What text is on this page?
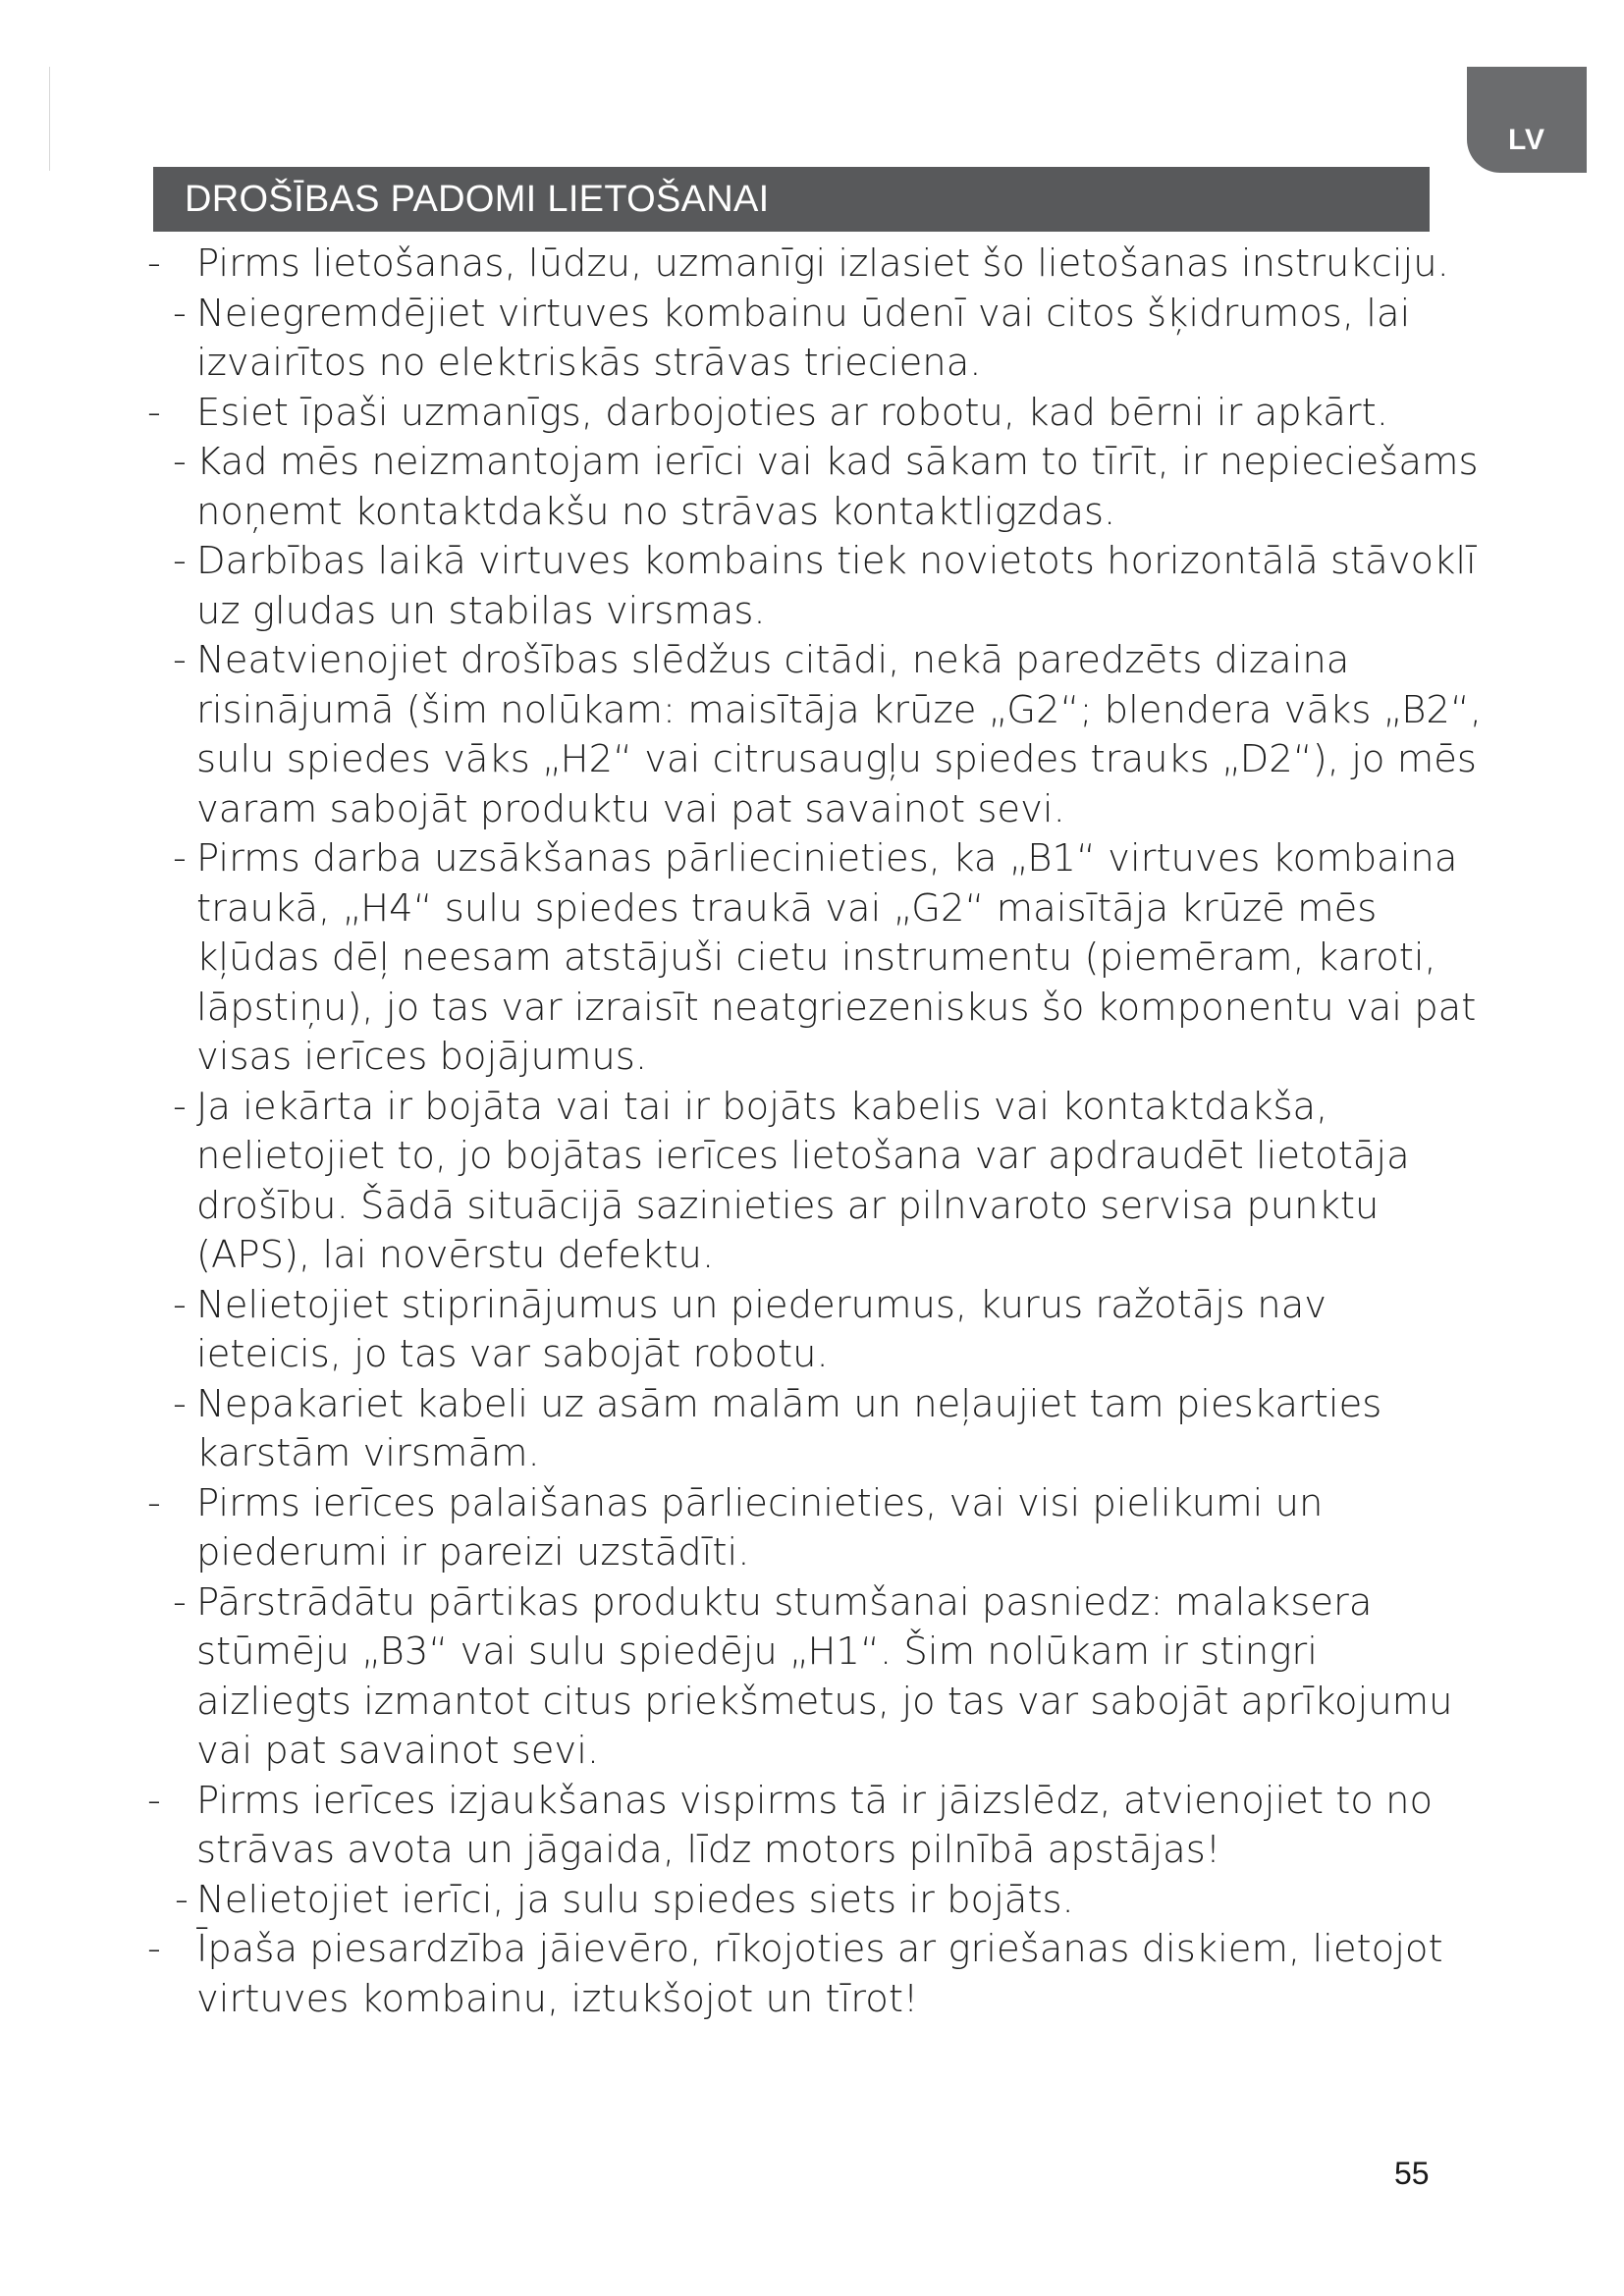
LV
DROŠĪBAS PADOMI LIETOŠANAI
- Pirms lietošanas, lūdzu, uzmanīgi izlasiet šo lietošanas instrukciju.
- Neiegremdējiet virtuves kombainu ūdenī vai citos šķidrumos, lai izvairītos no elektriskās strāvas trieciena.
- Esiet īpaši uzmanīgs, darbojoties ar robotu, kad bērni ir apkārt.
- Kad mēs neizmantojam ierīci vai kad sākam to tīrīt, ir nepieciešams noņemt kontaktdakšu no strāvas kontaktligzdas.
- Darbības laikā virtuves kombains tiek novietots horizontālā stāvoklī uz gludas un stabilas virsmas.
- Neatvienojiet drošības slēdžus citādi, nekā paredzēts dizaina risinājumā (šim nolūkam: maisītāja krūze „G2“; blendera vāks „B2“, sulu spiedes vāks „H2“ vai citrusaugļu spiedes trauks „D2“), jo mēs varam sabojāt produktu vai pat savainot sevi.
- Pirms darba uzsākšanas pārliecinieties, ka „B1“ virtuves kombaina traukā, „H4“ sulu spiedes traukā vai „G2“ maisītāja krūzē mēs kļūdas dēļ neesam atstājuši cietu instrumentu (piemēram, karoti, lāpstiņu), jo tas var izraisīt neatgriezeniskus šo komponentu vai pat visas ierīces bojājumus.
- Ja iekārta ir bojāta vai tai ir bojāts kabelis vai kontaktdakša, nelietojiet to, jo bojātas ierīces lietošana var apdraudēt lietotāja drošību. Šādā situācijā sazinieties ar pilnvaroto servisa punktu (APS), lai novērstu defektu.
- Nelietojiet stiprinājumus un piederumus, kurus ražotājs nav ieteicis, jo tas var sabojāt robotu.
- Nepakariet kabeli uz asām malām un neļaujiet tam pieskarties karstām virsmām.
- Pirms ierīces palaišanas pārliecinieties, vai visi pielikumi un piederumi ir pareizi uzstādīti.
- Pārstrādātu pārtikas produktu stumšanai pasniedz: malaksera stūmēju „B3“ vai sulu spiedēju „H1“. Šim nolūkam ir stingri aizliegts izmantot citus priekšmetus, jo tas var sabojāt aprīkojumu vai pat savainot sevi.
- Pirms ierīces izjaukšanas vispirms tā ir jāizslēdz, atvienojiet to no strāvas avota un jāgaida, līdz motors pilnībā apstājas!
- Nelietojiet ierīci, ja sulu spiedes siets ir bojāts.
- Īpaša piesardzība jāievēro, rīkojoties ar griešanas diskiem, lietojot virtuves kombainu, iztukšojot un tīrot!
55
